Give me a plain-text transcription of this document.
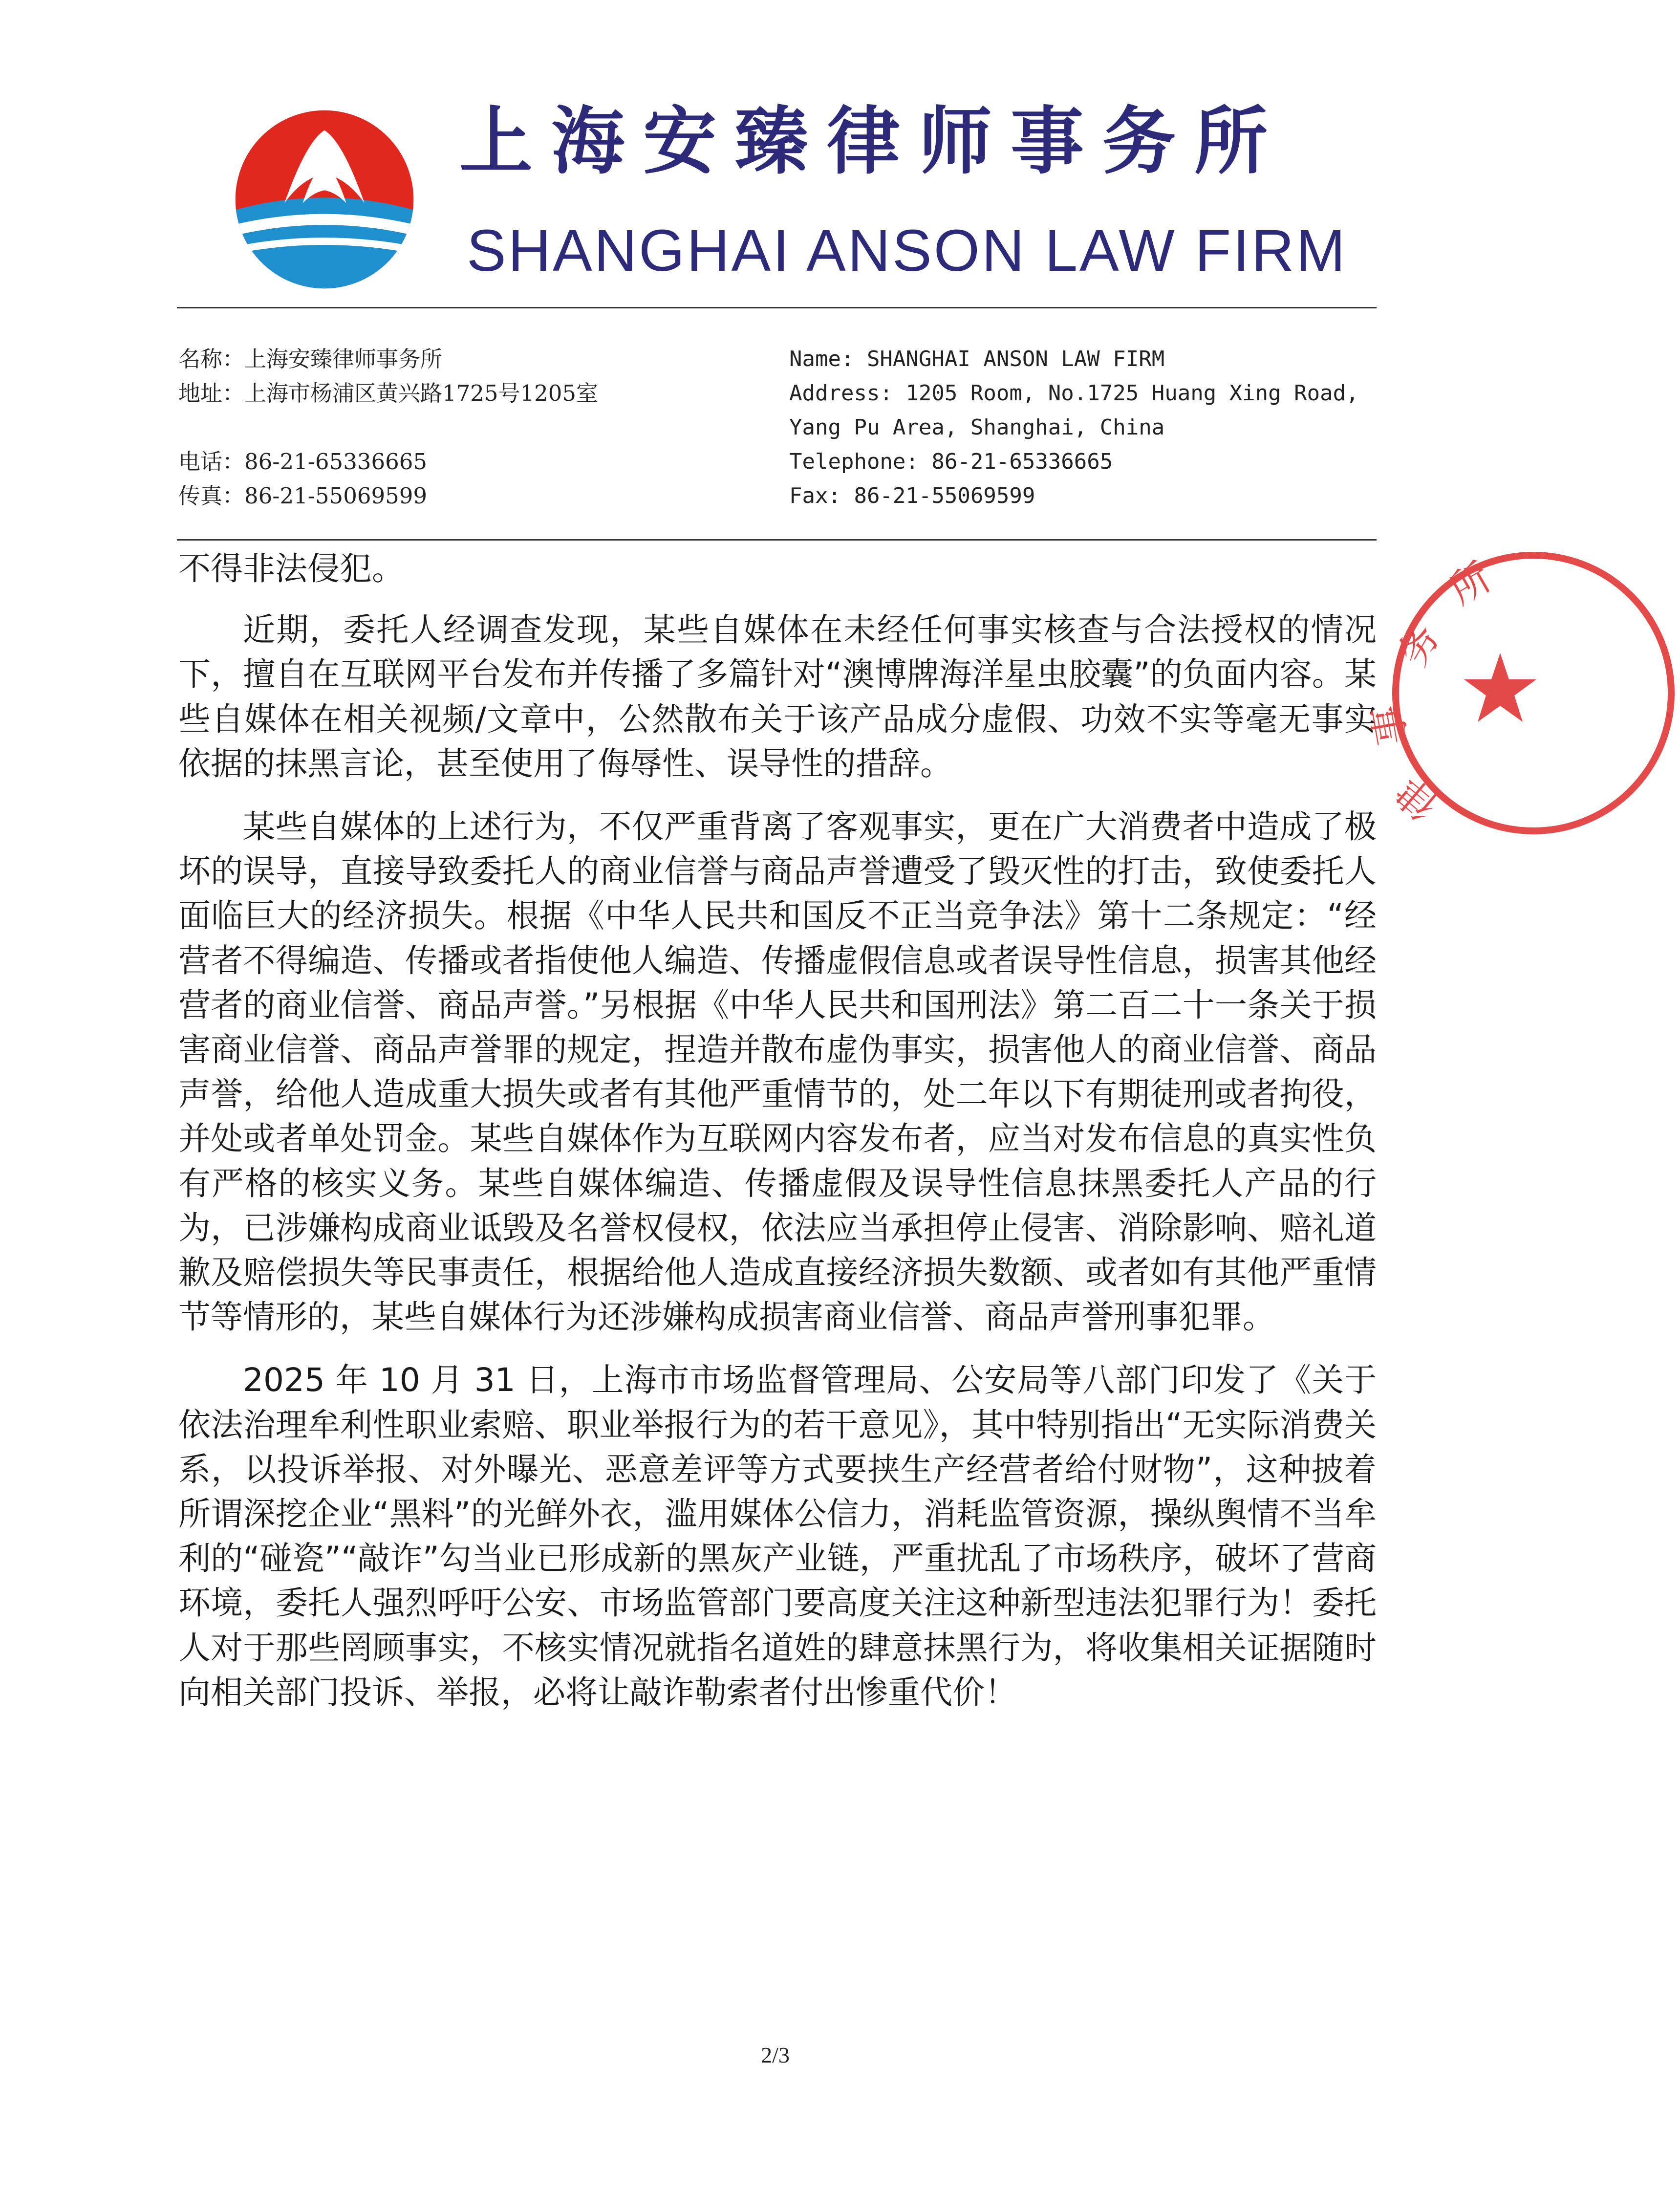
上海安臻律师事务所
SHANGHAI ANSON LAW FIRM
名称：上海安臻律师事务所
地址：上海市杨浦区黄兴路1725号1205室
电话：86-21-65336665
传真：86-21-55069599
Name: SHANGHAI ANSON LAW FIRM
Address: 1205 Room, No.1725 Huang Xing Road,
Yang Pu Area, Shanghai, China
Telephone: 86-21-65336665
Fax: 86-21-55069599

不得非法侵犯。

近期，委托人经调查发现，某些自媒体在未经任何事实核查与合法授权的情况下，擅自在互联网平台发布并传播了多篇针对“澳博牌海洋星虫胶囊”的负面内容。某些自媒体在相关视频/文章中，公然散布关于该产品成分虚假、功效不实等毫无事实依据的抹黑言论，甚至使用了侮辱性、误导性的措辞。

某些自媒体的上述行为，不仅严重背离了客观事实，更在广大消费者中造成了极坏的误导，直接导致委托人的商业信誉与商品声誉遭受了毁灭性的打击，致使委托人面临巨大的经济损失。根据《中华人民共和国反不正当竞争法》第十二条规定：“经营者不得编造、传播或者指使他人编造、传播虚假信息或者误导性信息，损害其他经营者的商业信誉、商品声誉。”另根据《中华人民共和国刑法》第二百二十一条关于损害商业信誉、商品声誉罪的规定，捏造并散布虚伪事实，损害他人的商业信誉、商品声誉，给他人造成重大损失或者有其他严重情节的，处二年以下有期徒刑或者拘役，并处或者单处罚金。某些自媒体作为互联网内容发布者，应当对发布信息的真实性负有严格的核实义务。某些自媒体编造、传播虚假及误导性信息抹黑委托人产品的行为，已涉嫌构成商业诋毁及名誉权侵权，依法应当承担停止侵害、消除影响、赔礼道歉及赔偿损失等民事责任，根据给他人造成直接经济损失数额、或者如有其他严重情节等情形的，某些自媒体行为还涉嫌构成损害商业信誉、商品声誉刑事犯罪。

2025 年 10 月 31 日，上海市市场监督管理局、公安局等八部门印发了《关于依法治理牟利性职业索赔、职业举报行为的若干意见》，其中特别指出“无实际消费关系，以投诉举报、对外曝光、恶意差评等方式要挟生产经营者给付财物”，这种披着所谓深挖企业“黑料”的光鲜外衣，滥用媒体公信力，消耗监管资源，操纵舆情不当牟利的“碰瓷”“敲诈”勾当业已形成新的黑灰产业链，严重扰乱了市场秩序，破坏了营商环境，委托人强烈呼吁公安、市场监管部门要高度关注这种新型违法犯罪行为！委托人对于那些罔顾事实，不核实情况就指名道姓的肆意抹黑行为，将收集相关证据随时向相关部门投诉、举报，必将让敲诈勒索者付出惨重代价！

所
务
事
律
2/3
